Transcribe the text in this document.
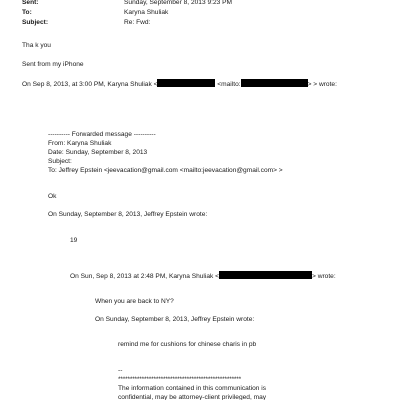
Sent:	Sunday, September 8, 2013 9:23 PM
To:	Karyna Shuliak
Subject:	Re: Fwd:
Tha k you
Sent from my iPhone
On Sep 8, 2013, at 3:00 PM, Karyna Shuliak <	<mailto:	> > wrote:
---------- Forwarded message ----------
From: Karyna Shuliak
Date: Sunday, September 8, 2013
Subject:
To: Jeffrey Epstein <jeevacation@gmail.com <mailto:jeevacation@gmail.com> >
Ok
On Sunday, September 8, 2013, Jeffrey Epstein wrote:
19
On Sun, Sep 8, 2013 at 2:48 PM, Karyna Shuliak <	> wrote:
When you are back to NY?
On Sunday, September 8, 2013, Jeffrey Epstein wrote:
remind me for cushions for chinese charis in pb
--
****************************************************
The information contained in this communication is
confidential, may be attorney-client privileged, may
